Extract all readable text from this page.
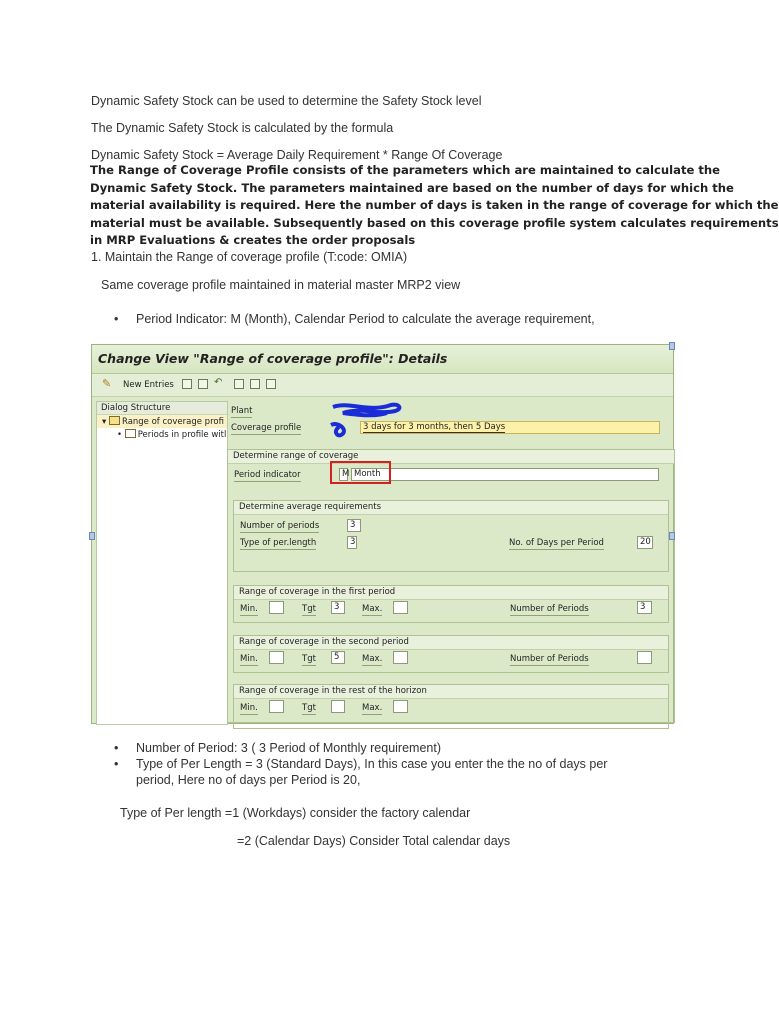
Dynamic Safety Stock can be used to determine the Safety Stock level
The Dynamic Safety Stock is calculated by the formula
Dynamic Safety Stock = Average Daily Requirement * Range Of Coverage
The Range of Coverage Profile consists of the parameters which are maintained to calculate the
Dynamic Safety Stock. The parameters maintained are based on the number of days for which the
material availability is required. Here the number of days is taken in the range of coverage for which the
material must be available. Subsequently based on this coverage profile system calculates requirements
in MRP Evaluations & creates the order proposals
1. Maintain the Range of coverage profile (T:code: OMIA)
Same coverage profile maintained in material master MRP2 view
• Period Indicator: M (Month), Calendar Period to calculate the average requirement,
Change View "Range of coverage profile": Details
✎ New Entries	↶
Dialog Structure
▾ Range of coverage profi
• Periods in profile witl
Plant
Coverage profile	3 days for 3 months, then 5 Days
Determine range of coverage
Period indicator	M Month
Determine average requirements
Number of periods	3
Type of per.length	3	No. of Days per Period	20
Range of coverage in the first period
Min.	Tgt	3	Max.	Number of Periods	3
Range of coverage in the second period
Min.	Tgt	5	Max.	Number of Periods
Range of coverage in the rest of the horizon
Min.	Tgt	Max.
• Number of Period: 3 ( 3 Period of Monthly requirement)
• Type of Per Length = 3 (Standard Days), In this case you enter the the no of days per
period, Here no of days per Period is 20,
Type of Per length =1 (Workdays) consider the factory calendar
=2 (Calendar Days) Consider Total calendar days
